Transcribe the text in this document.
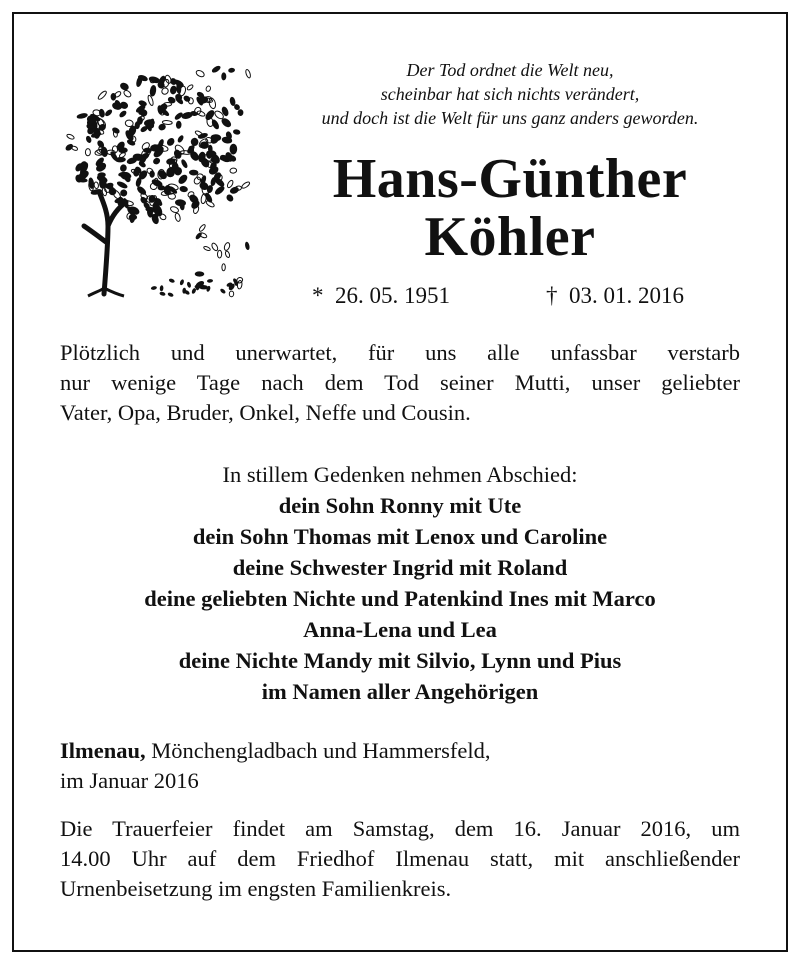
Der Tod ordnet die Welt neu,
scheinbar hat sich nichts verändert,
und doch ist die Welt für uns ganz anders geworden.
Hans-Günther
Köhler
* 26. 05. 1951	† 03. 01. 2016
Plötzlich und unerwartet, für uns alle unfassbar verstarb
nur wenige Tage nach dem Tod seiner Mutti, unser geliebter
Vater, Opa, Bruder, Onkel, Neffe und Cousin.
In stillem Gedenken nehmen Abschied:
dein Sohn Ronny mit Ute
dein Sohn Thomas mit Lenox und Caroline
deine Schwester Ingrid mit Roland
deine geliebten Nichte und Patenkind Ines mit Marco
Anna-Lena und Lea
deine Nichte Mandy mit Silvio, Lynn und Pius
im Namen aller Angehörigen
Ilmenau, Mönchengladbach und Hammersfeld,
im Januar 2016
Die Trauerfeier findet am Samstag, dem 16. Januar 2016, um
14.00 Uhr auf dem Friedhof Ilmenau statt, mit anschließender
Urnenbeisetzung im engsten Familienkreis.
